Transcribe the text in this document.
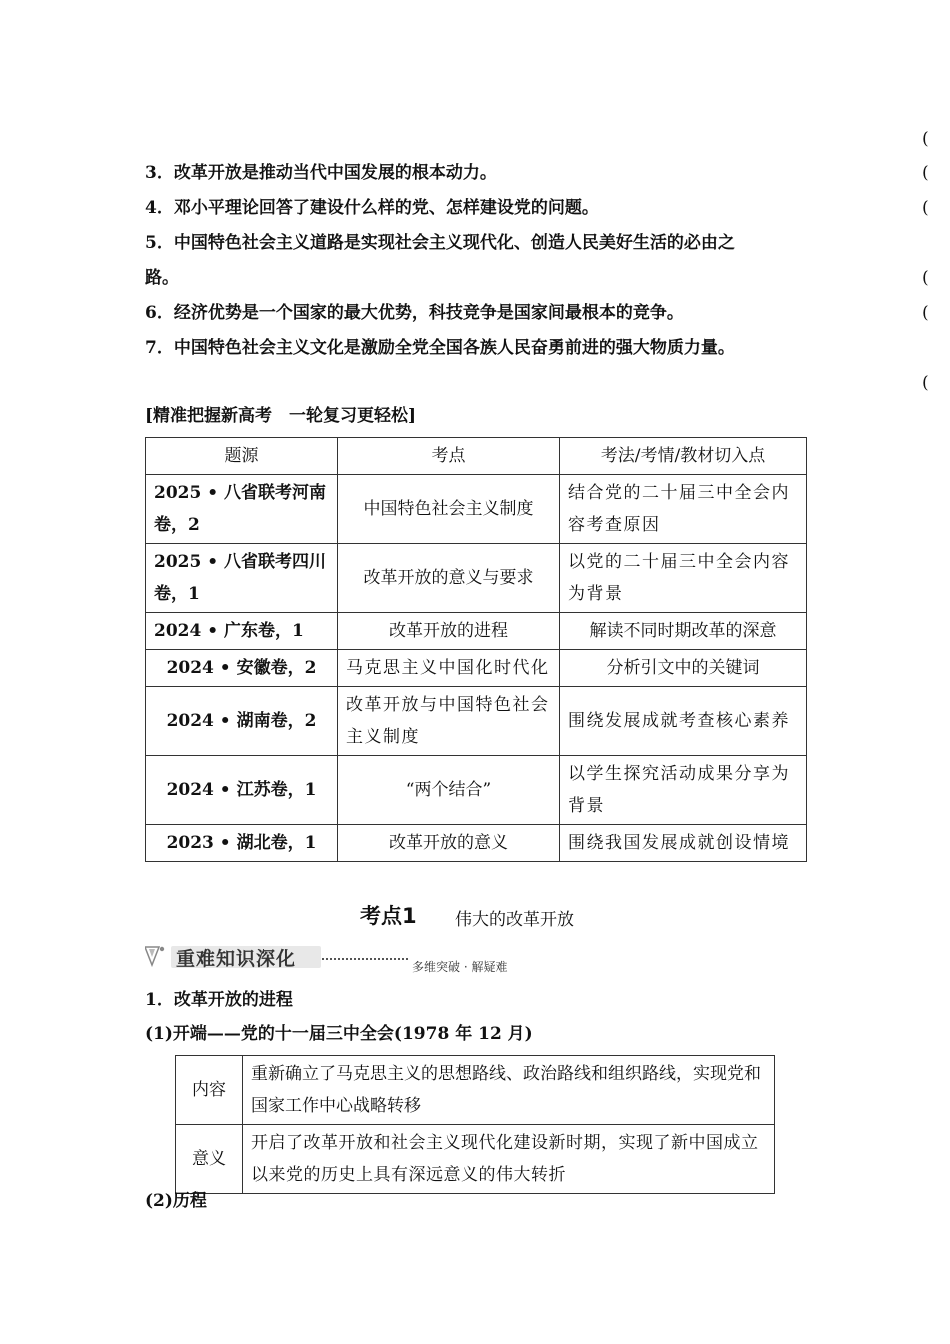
(
(
(
(
(
(
3．改革开放是推动当代中国发展的根本动力。
4．邓小平理论回答了建设什么样的党、怎样建设党的问题。
5．中国特色社会主义道路是实现社会主义现代化、创造人民美好生活的必由之
路。
6．经济优势是一个国家的最大优势，科技竞争是国家间最根本的竞争。
7．中国特色社会主义文化是激励全党全国各族人民奋勇前进的强大物质力量。
[精准把握新高考　一轮复习更轻松]
题源	考点	考法/考情/教材切入点
2025 • 八省联考河南卷，2	中国特色社会主义制度	结合党的二十届三中全会内容考查原因
2025 • 八省联考四川卷，1	改革开放的意义与要求	以党的二十届三中全会内容为背景
2024 • 广东卷，1	改革开放的进程	解读不同时期改革的深意
2024 • 安徽卷，2	马克思主义中国化时代化	分析引文中的关键词
2024 • 湖南卷，2	改革开放与中国特色社会主义制度	围绕发展成就考查核心素养
2024 • 江苏卷，1	“两个结合”	以学生探究活动成果分享为背景
2023 • 湖北卷，1	改革开放的意义	围绕我国发展成就创设情境
考点1 伟大的改革开放
重难知识深化	多维突破 · 解疑难
1．改革开放的进程
(1)开端——党的十一届三中全会(1978 年 12 月)
内容	重新确立了马克思主义的思想路线、政治路线和组织路线，实现党和国家工作中心战略转移
意义	开启了改革开放和社会主义现代化建设新时期，实现了新中国成立以来党的历史上具有深远意义的伟大转折
(2)历程
